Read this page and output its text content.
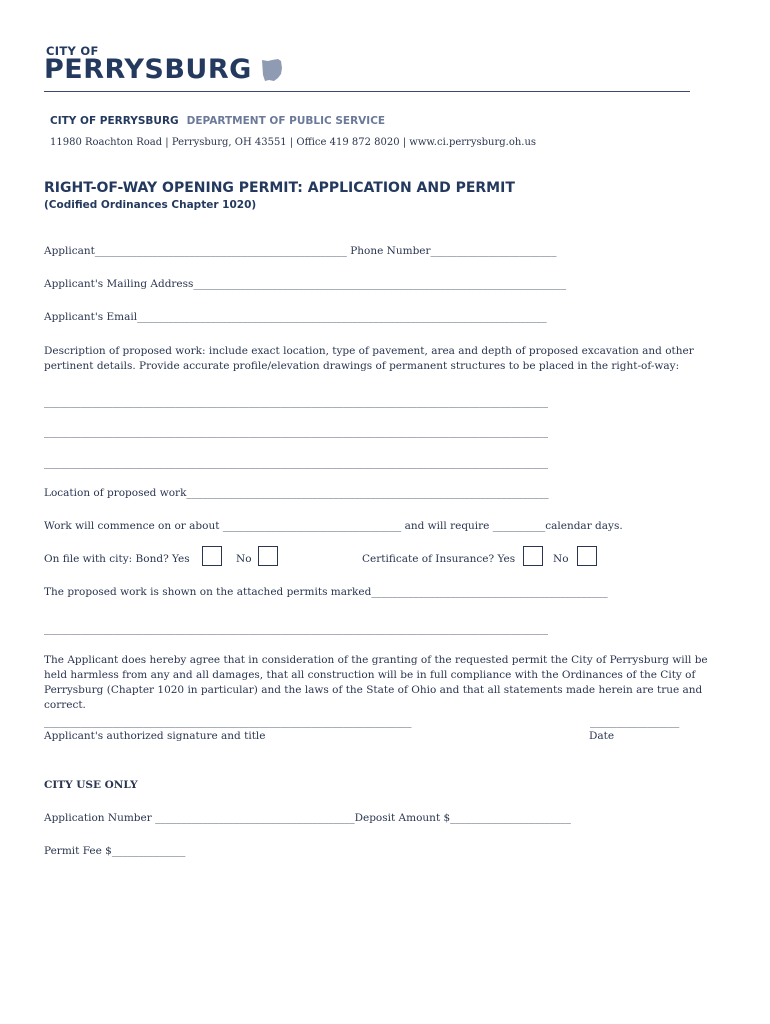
CITY OF
PERRYSBURG
CITY OF PERRYSBURG DEPARTMENT OF PUBLIC SERVICE
11980 Roachton Road | Perrysburg, OH 43551 | Office 419 872 8020 | www.ci.perrysburg.oh.us
RIGHT-OF-WAY OPENING PERMIT: APPLICATION AND PERMIT
(Codified Ordinances Chapter 1020)
Applicant________________________________________________ Phone Number________________________
Applicant's Mailing Address_______________________________________________________________________
Applicant's Email______________________________________________________________________________
Description of proposed work: include exact location, type of pavement, area and depth of proposed excavation and other pertinent details. Provide accurate profile/elevation drawings of permanent structures to be placed in the right-of-way:
________________________________________________________________________________________________
________________________________________________________________________________________________
________________________________________________________________________________________________
Location of proposed work_____________________________________________________________________
Work will commence on or about __________________________________ and will require __________calendar days.
On file with city: Bond? Yes	No	Certificate of Insurance? Yes	No
The proposed work is shown on the attached permits marked_____________________________________________
________________________________________________________________________________________________
The Applicant does hereby agree that in consideration of the granting of the requested permit the City of Perrysburg will be held harmless from any and all damages, that all construction will be in full compliance with the Ordinances of the City of Perrysburg (Chapter 1020 in particular) and the laws of the State of Ohio and that all statements made herein are true and correct.
______________________________________________________________________	_________________
Applicant's authorized signature and title	Date
CITY USE ONLY
Application Number ______________________________________Deposit Amount $_______________________
Permit Fee $______________
